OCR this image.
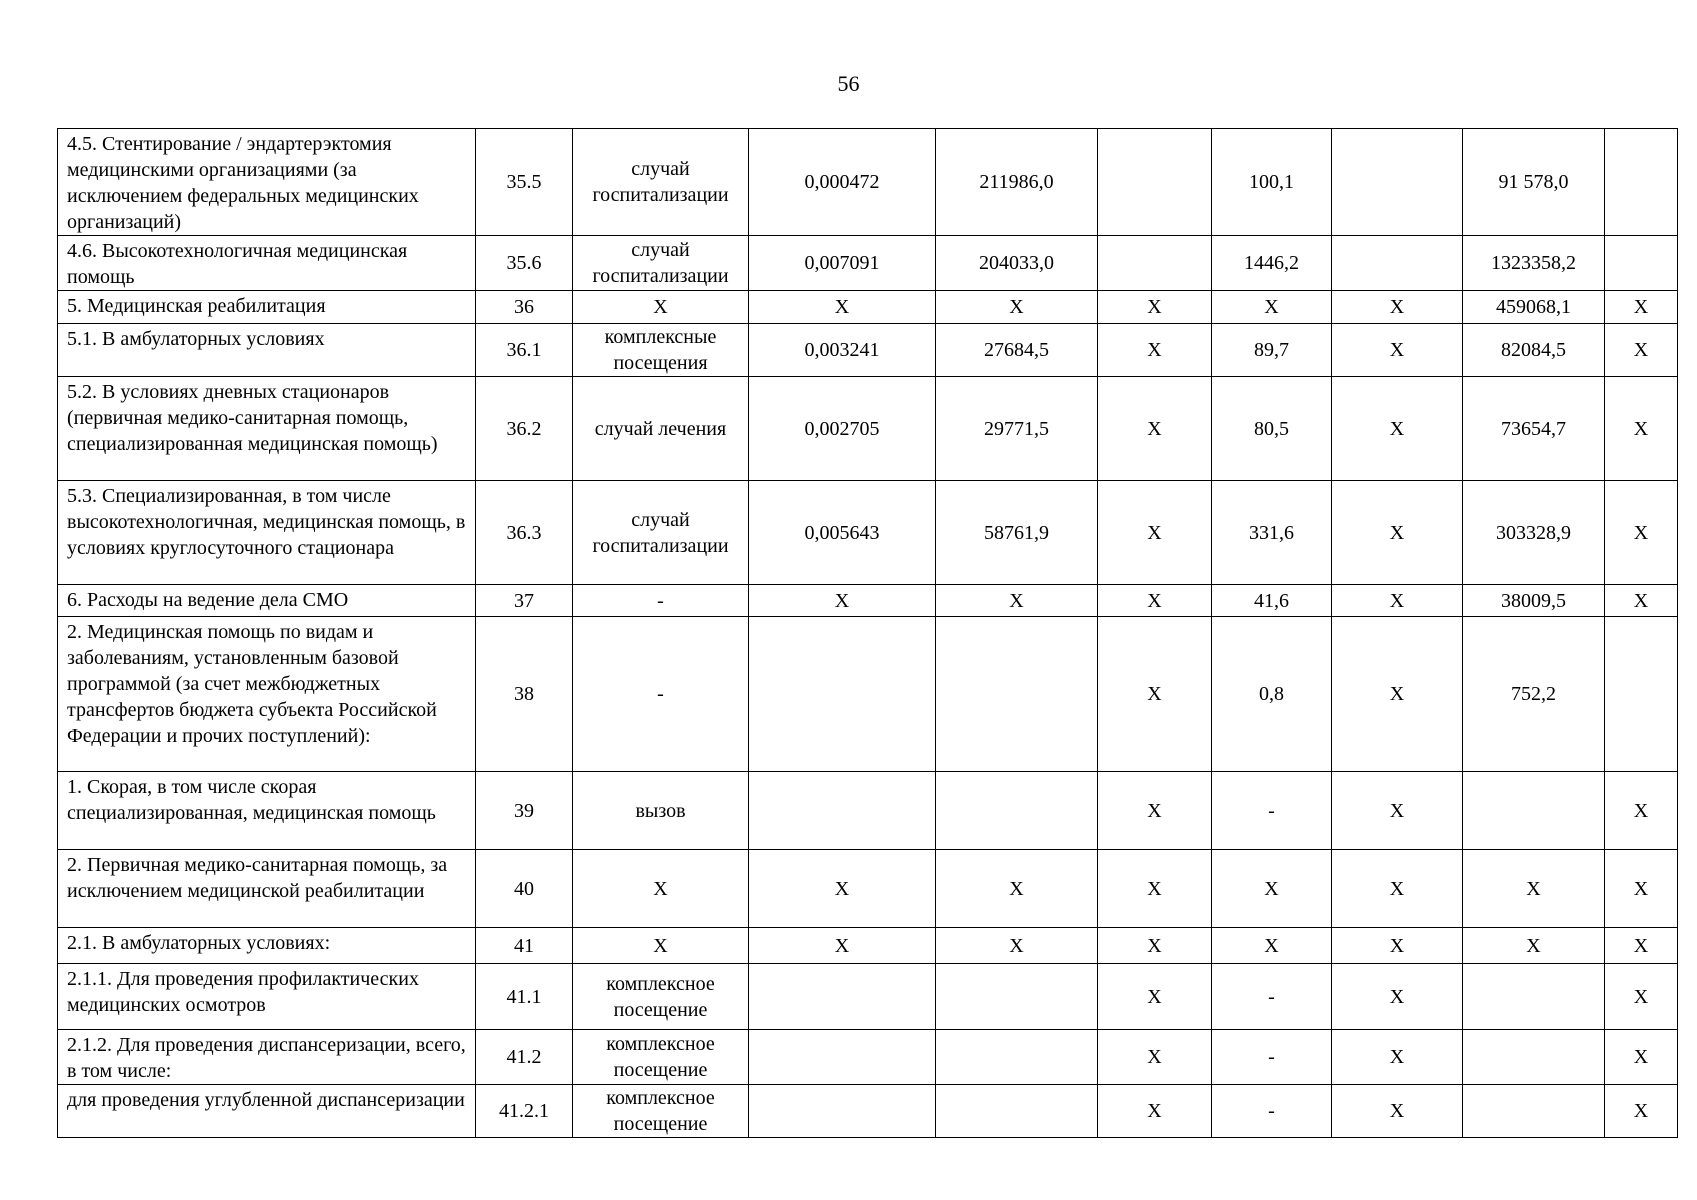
56
4.5. Стентирование / эндартерэктомия медицинскими организациями (за исключением федеральных медицинских организаций)	35.5	случай госпитализации	0,000472	211986,0		100,1		91 578,0	
4.6. Высокотехнологичная медицинская помощь	35.6	случай госпитализации	0,007091	204033,0		1446,2		1323358,2	
5. Медицинская реабилитация	36	X	X	X	X	X	X	459068,1	X
5.1. В амбулаторных условиях	36.1	комплексные посещения	0,003241	27684,5	X	89,7	X	82084,5	X
5.2. В условиях дневных стационаров (первичная медико-санитарная помощь, специализированная медицинская помощь)	36.2	случай лечения	0,002705	29771,5	X	80,5	X	73654,7	X
5.3. Специализированная, в том числе высокотехнологичная, медицинская помощь, в условиях круглосуточного стационара	36.3	случай госпитализации	0,005643	58761,9	X	331,6	X	303328,9	X
6. Расходы на ведение дела СМО	37	-	X	X	X	41,6	X	38009,5	X
2. Медицинская помощь по видам и заболеваниям, установленным базовой программой (за счет межбюджетных трансфертов бюджета субъекта Российской Федерации и прочих поступлений):	38	-			X	0,8	X	752,2	
1. Скорая, в том числе скорая специализированная, медицинская помощь	39	вызов			X	-	X		X
2. Первичная медико-санитарная помощь, за исключением медицинской реабилитации	40	X	X	X	X	X	X	X	X
2.1. В амбулаторных условиях:	41	X	X	X	X	X	X	X	X
2.1.1. Для проведения профилактических медицинских осмотров	41.1	комплексное посещение			X	-	X		X
2.1.2. Для проведения диспансеризации, всего, в том числе:	41.2	комплексное посещение			X	-	X		X
для проведения углубленной диспансеризации	41.2.1	комплексное посещение			X	-	X		X
